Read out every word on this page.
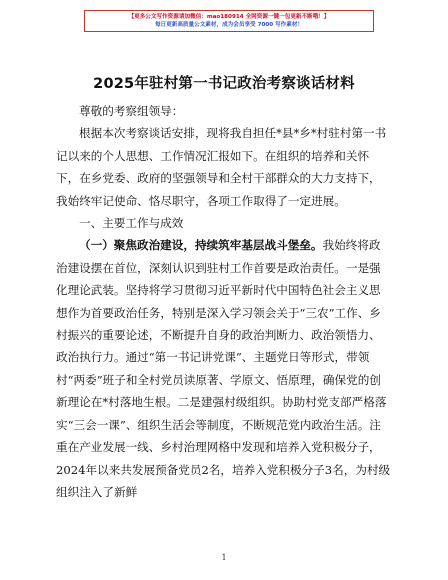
【更多公文写作资源请加微信：mao180914 全网资源一键一包更新不断哦！】
每日更新高质量公文素材，成为会员享受 7000 写作素材！
2025年驻村第一书记政治考察谈话材料

尊敬的考察组领导：

根据本次考察谈话安排，现将我自担任*县*乡*村驻村第一书记以来的个人思想、工作情况汇报如下。在组织的培养和关怀下，在乡党委、政府的坚强领导和全村干部群众的大力支持下，我始终牢记使命、恪尽职守，各项工作取得了一定进展。

一、主要工作与成效

（一）聚焦政治建设，持续筑牢基层战斗堡垒。我始终将政治建设摆在首位，深刻认识到驻村工作首要是政治责任。一是强化理论武装。坚持将学习贯彻习近平新时代中国特色社会主义思想作为首要政治任务，特别是深入学习领会关于“三农”工作、乡村振兴的重要论述，不断提升自身的政治判断力、政治领悟力、政治执行力。通过“第一书记讲党课”、主题党日等形式，带领村“两委”班子和全村党员读原著、学原文、悟原理，确保党的创新理论在*村落地生根。二是建强村级组织。协助村党支部严格落实“三会一课”、组织生活会等制度，不断规范党内政治生活。注重在产业发展一线、乡村治理网格中发现和培养入党积极分子，2024年以来共发展预备党员2名，培养入党积极分子3名，为村级组织注入了新鲜

1
